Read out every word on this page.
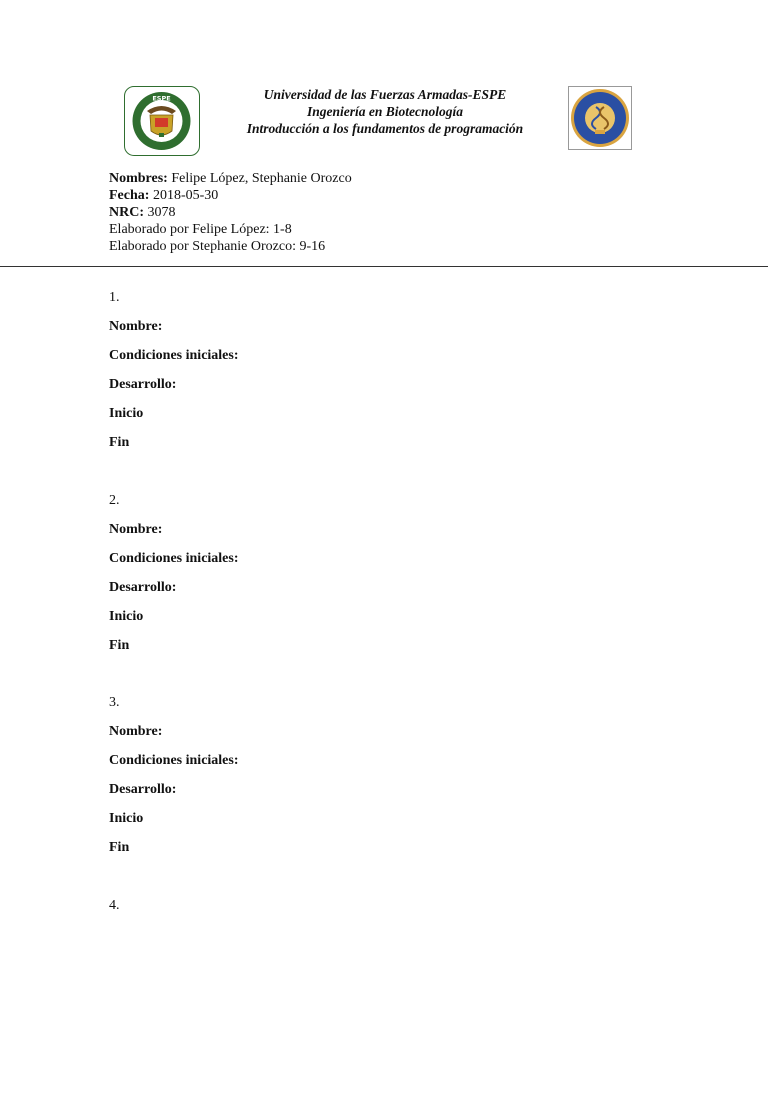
ESPE	Universidad de las Fuerzas Armadas-ESPE
Ingeniería en Biotecnología
Introducción a los fundamentos de programación
Nombres: Felipe López, Stephanie Orozco
Fecha: 2018-05-30
NRC: 3078
Elaborado por Felipe López: 1-8
Elaborado por Stephanie Orozco: 9-16
1.
Nombre:
Condiciones iniciales:
Desarrollo:
Inicio
Fin
2.
Nombre:
Condiciones iniciales:
Desarrollo:
Inicio
Fin
3.
Nombre:
Condiciones iniciales:
Desarrollo:
Inicio
Fin
4.
